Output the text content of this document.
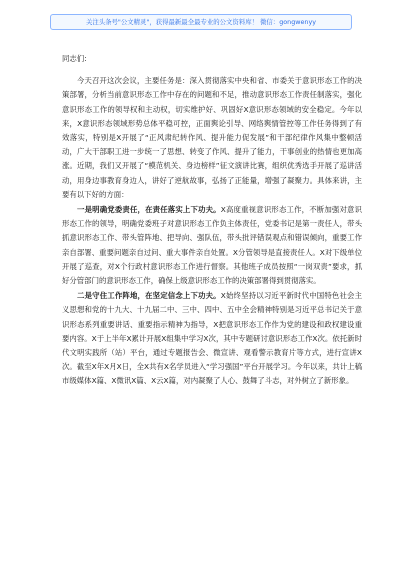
关注头条号"公文精灵"，获得最新最全最专业的公文资料库！ 微信：gongwenyy

同志们:

今天召开这次会议，主要任务是：深入贯彻落实中央和省、市委关于意识形态工作的决策部署，分析当前意识形态工作中存在的问题和不足，推动意识形态工作责任制落实，强化意识形态工作的领导权和主动权，切实维护好、巩固好X意识形态领域的安全稳定。今年以来，X意识形态领域形势总体平稳可控，正面舆论引导、网络舆情管控等工作任务得到了有效落实，特别是X开展了“正风肃纪转作风、提升能力促发展”和干部纪律作风集中整顿活动，广大干部职工进一步统一了思想、转变了作风、提升了能力，干事创业的热情也更加高涨。近期，我们又开展了“模范机关、身边榜样”征文演讲比赛，组织优秀选手开展了巡讲活动，用身边事教育身边人，讲好了逆航故事，弘扬了正能量，增强了凝聚力。具体来讲，主要有以下好的方面：

一是明确党委责任，在责任落实上下功夫。X高度重视意识形态工作，不断加强对意识形态工作的领导，明确党委班子对意识形态工作负主体责任，党委书记是第一责任人，带头抓意识形态工作、带头管阵地、把导向、强队伍，带头批评错误观点和错误倾向，重要工作亲自部署、重要问题亲自过问、重大事件亲自处置。X分管领导是直接责任人。X对下级单位开展了巡查，对X个行政村意识形态工作进行督察。其他班子成员按照“一岗双责”要求，抓好分管部门的意识形态工作，确保上级意识形态工作的决策部署得到贯彻落实。

二是守住工作阵地，在坚定信念上下功夫。X始终坚持以习近平新时代中国特色社会主义思想和党的十九大、十九届二中、三中、四中、五中全会精神特别是习近平总书记关于意识形态系列重要讲话、重要指示精神为指导，X把意识形态工作作为党的建设和政权建设重要内容。X于上半年X累计开展X组集中学习X次，其中专题研讨意识形态工作X次。依托新时代文明实践所（站）平台，通过专题报告会、微宣讲、观看警示教育片等方式，进行宣讲X次。截至X年X月X日，全X共有X名学员进入“学习强国”平台开展学习。今年以来，共计上稿市级媒体X篇、X微讯X篇、X云X篇，对内凝聚了人心、鼓舞了斗志，对外树立了新形象。
